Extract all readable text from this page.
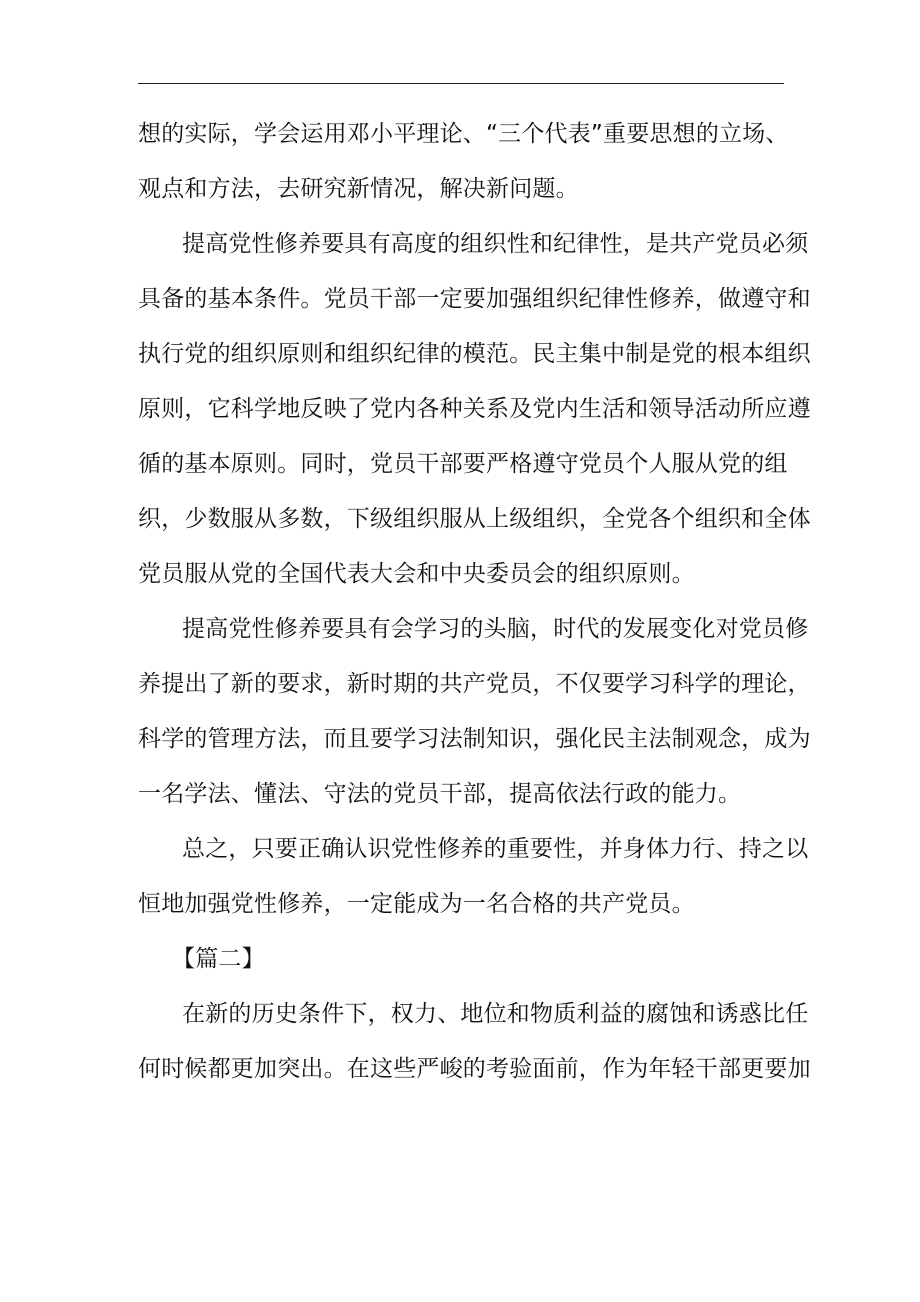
想的实际，学会运用邓小平理论、“三个代表”重要思想的立场、
观点和方法，去研究新情况，解决新问题。
提高党性修养要具有高度的组织性和纪律性，是共产党员必须
具备的基本条件。党员干部一定要加强组织纪律性修养，做遵守和
执行党的组织原则和组织纪律的模范。民主集中制是党的根本组织
原则，它科学地反映了党内各种关系及党内生活和领导活动所应遵
循的基本原则。同时，党员干部要严格遵守党员个人服从党的组
织，少数服从多数，下级组织服从上级组织，全党各个组织和全体
党员服从党的全国代表大会和中央委员会的组织原则。
提高党性修养要具有会学习的头脑，时代的发展变化对党员修
养提出了新的要求，新时期的共产党员，不仅要学习科学的理论，
科学的管理方法，而且要学习法制知识，强化民主法制观念，成为
一名学法、懂法、守法的党员干部，提高依法行政的能力。
总之，只要正确认识党性修养的重要性，并身体力行、持之以
恒地加强党性修养，一定能成为一名合格的共产党员。
【篇二】
在新的历史条件下，权力、地位和物质利益的腐蚀和诱惑比任
何时候都更加突出。在这些严峻的考验面前，作为年轻干部更要加
